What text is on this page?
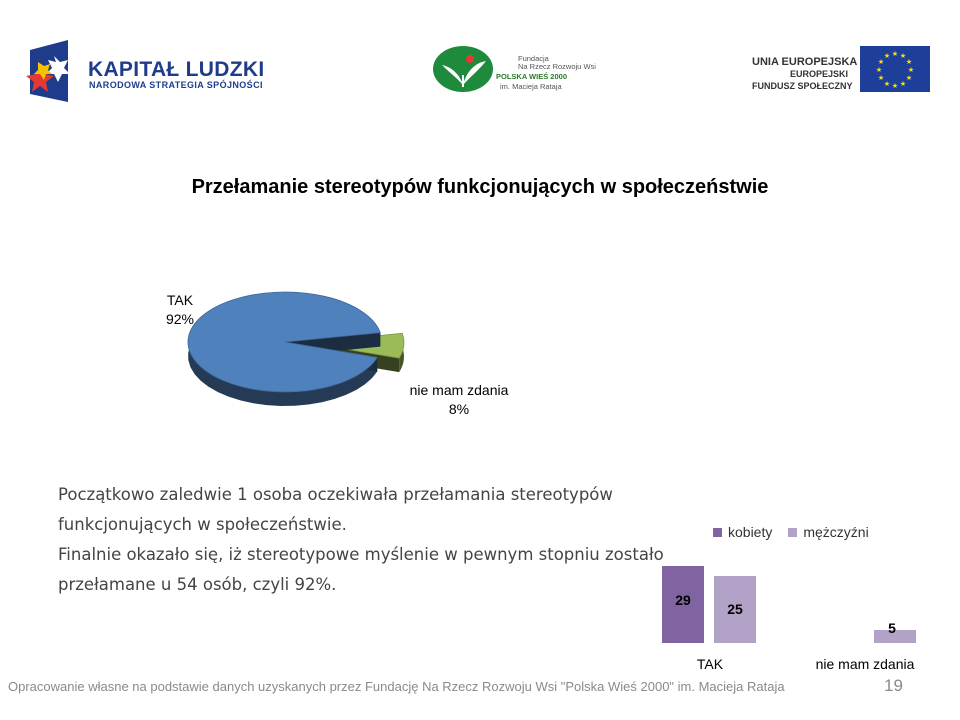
KAPITAŁ LUDZKI
NARODOWA STRATEGIA SPÓJNOŚCI
Fundacja
Na Rzecz Rozwoju Wsi
POLSKA WIEŚ 2000
im. Macieja Rataja
UNIA EUROPEJSKA
EUROPEJSKI
FUNDUSZ SPOŁECZNY
★ ★
★
★
★
★
★
★
★
★
★
★
Przełamanie stereotypów funkcjonujących w społeczeństwie
TAK
92%
nie mam zdania
8%

Początkowo zaledwie 1 osoba oczekiwała przełamania stereotypów funkcjonujących w społeczeństwie.

Finalnie okazało się, iż stereotypowe myślenie w pewnym stopniu zostało przełamane u 54 osób, czyli 92%.

kobiety mężczyźni
29
25
5
TAK	nie mam zdania
Opracowanie własne na podstawie danych uzyskanych przez Fundację Na Rzecz Rozwoju Wsi "Polska Wieś 2000" im. Macieja Rataja	19
